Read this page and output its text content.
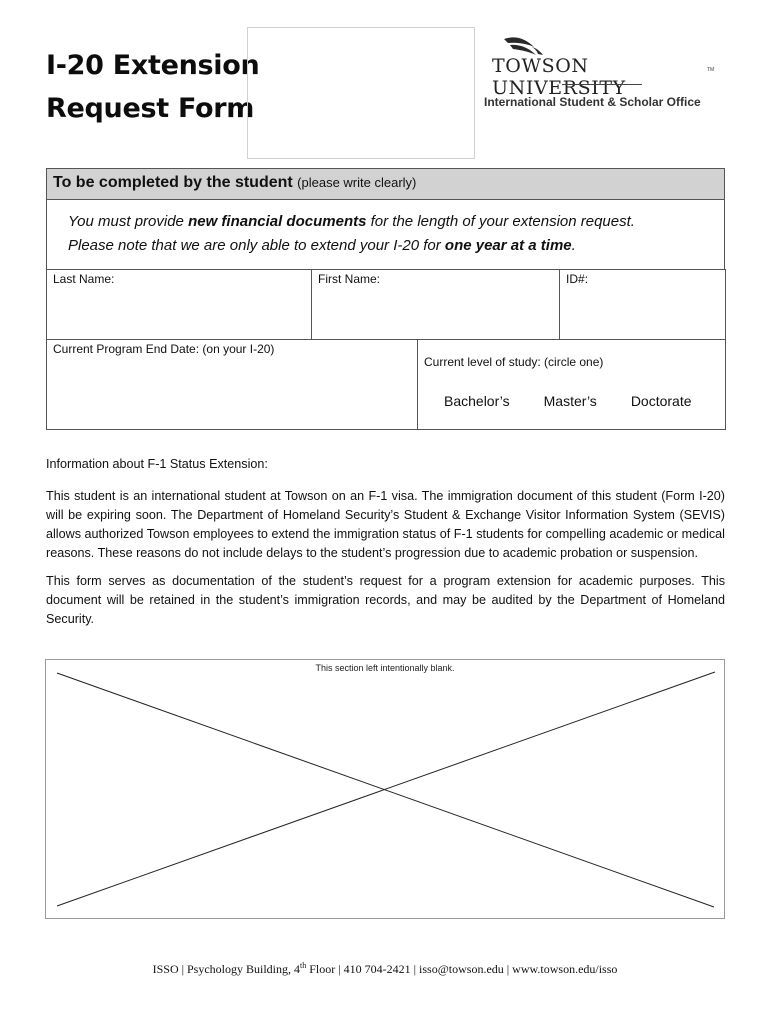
I-20 Extension
Request Form
TOWSON UNIVERSITY
TM
International Student & Scholar Office
To be completed by the student (please write clearly)

You must provide new financial documents for the length of your extension request.

Please note that we are only able to extend your I-20 for one year at a time.

Last Name:	First Name:		ID#:
Current Program End Date: (on your I-20)		Current level of study: (circle one)
Bachelor’s Master’s Doctorate	

Information about F-1 Status Extension:

This student is an international student at Towson on an F-1 visa. The immigration document of this student (Form I-20) will be expiring soon. The Department of Homeland Security’s Student & Exchange Visitor Information System (SEVIS) allows authorized Towson employees to extend the immigration status of F-1 students for compelling academic or medical reasons. These reasons do not include delays to the student’s progression due to academic probation or suspension.

This form serves as documentation of the student’s request for a program extension for academic purposes. This document will be retained in the student’s immigration records, and may be audited by the Department of Homeland Security.

This section left intentionally blank.
ISSO | Psychology Building, 4th Floor | 410 704-2421 | isso@towson.edu | www.towson.edu/isso
